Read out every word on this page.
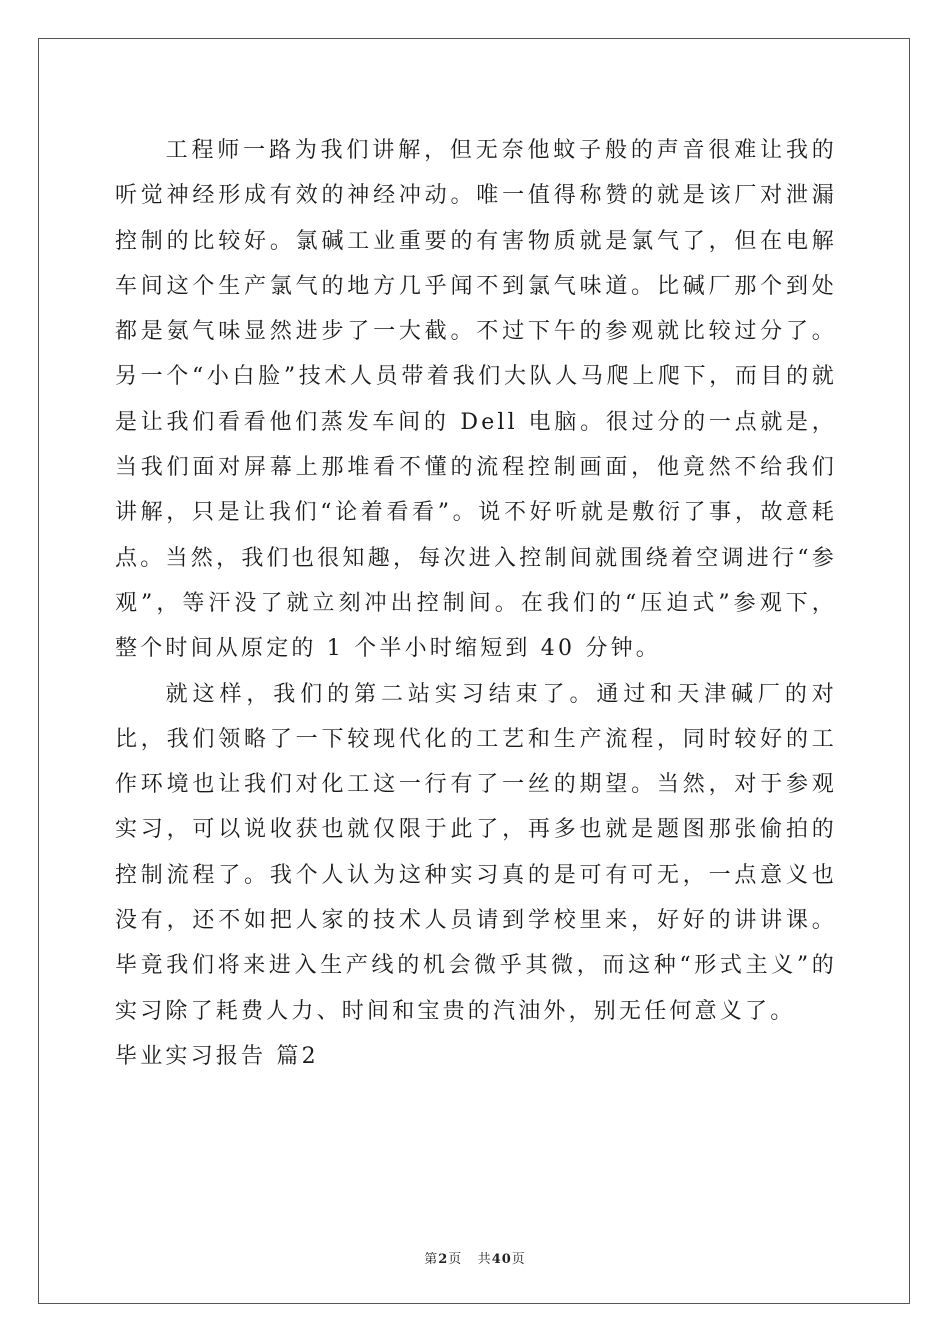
工程师一路为我们讲解，但无奈他蚊子般的声音很难让我的听觉神经形成有效的神经冲动。唯一值得称赞的就是该厂对泄漏控制的比较好。氯碱工业重要的有害物质就是氯气了，但在电解车间这个生产氯气的地方几乎闻不到氯气味道。比碱厂那个到处都是氨气味显然进步了一大截。不过下午的参观就比较过分了。另一个“小白脸”技术人员带着我们大队人马爬上爬下，而目的就是让我们看看他们蒸发车间的 Dell 电脑。很过分的一点就是，当我们面对屏幕上那堆看不懂的流程控制画面，他竟然不给我们讲解，只是让我们“论着看看”。说不好听就是敷衍了事，故意耗点。当然，我们也很知趣，每次进入控制间就围绕着空调进行“参观”，等汗没了就立刻冲出控制间。在我们的“压迫式”参观下，整个时间从原定的 1 个半小时缩短到 40 分钟。

就这样，我们的第二站实习结束了。通过和天津碱厂的对比，我们领略了一下较现代化的工艺和生产流程，同时较好的工作环境也让我们对化工这一行有了一丝的期望。当然，对于参观实习，可以说收获也就仅限于此了，再多也就是题图那张偷拍的控制流程了。我个人认为这种实习真的是可有可无，一点意义也没有，还不如把人家的技术人员请到学校里来，好好的讲讲课。毕竟我们将来进入生产线的机会微乎其微，而这种“形式主义”的实习除了耗费人力、时间和宝贵的汽油外，别无任何意义了。

毕业实习报告 篇2

第2页 共40页
